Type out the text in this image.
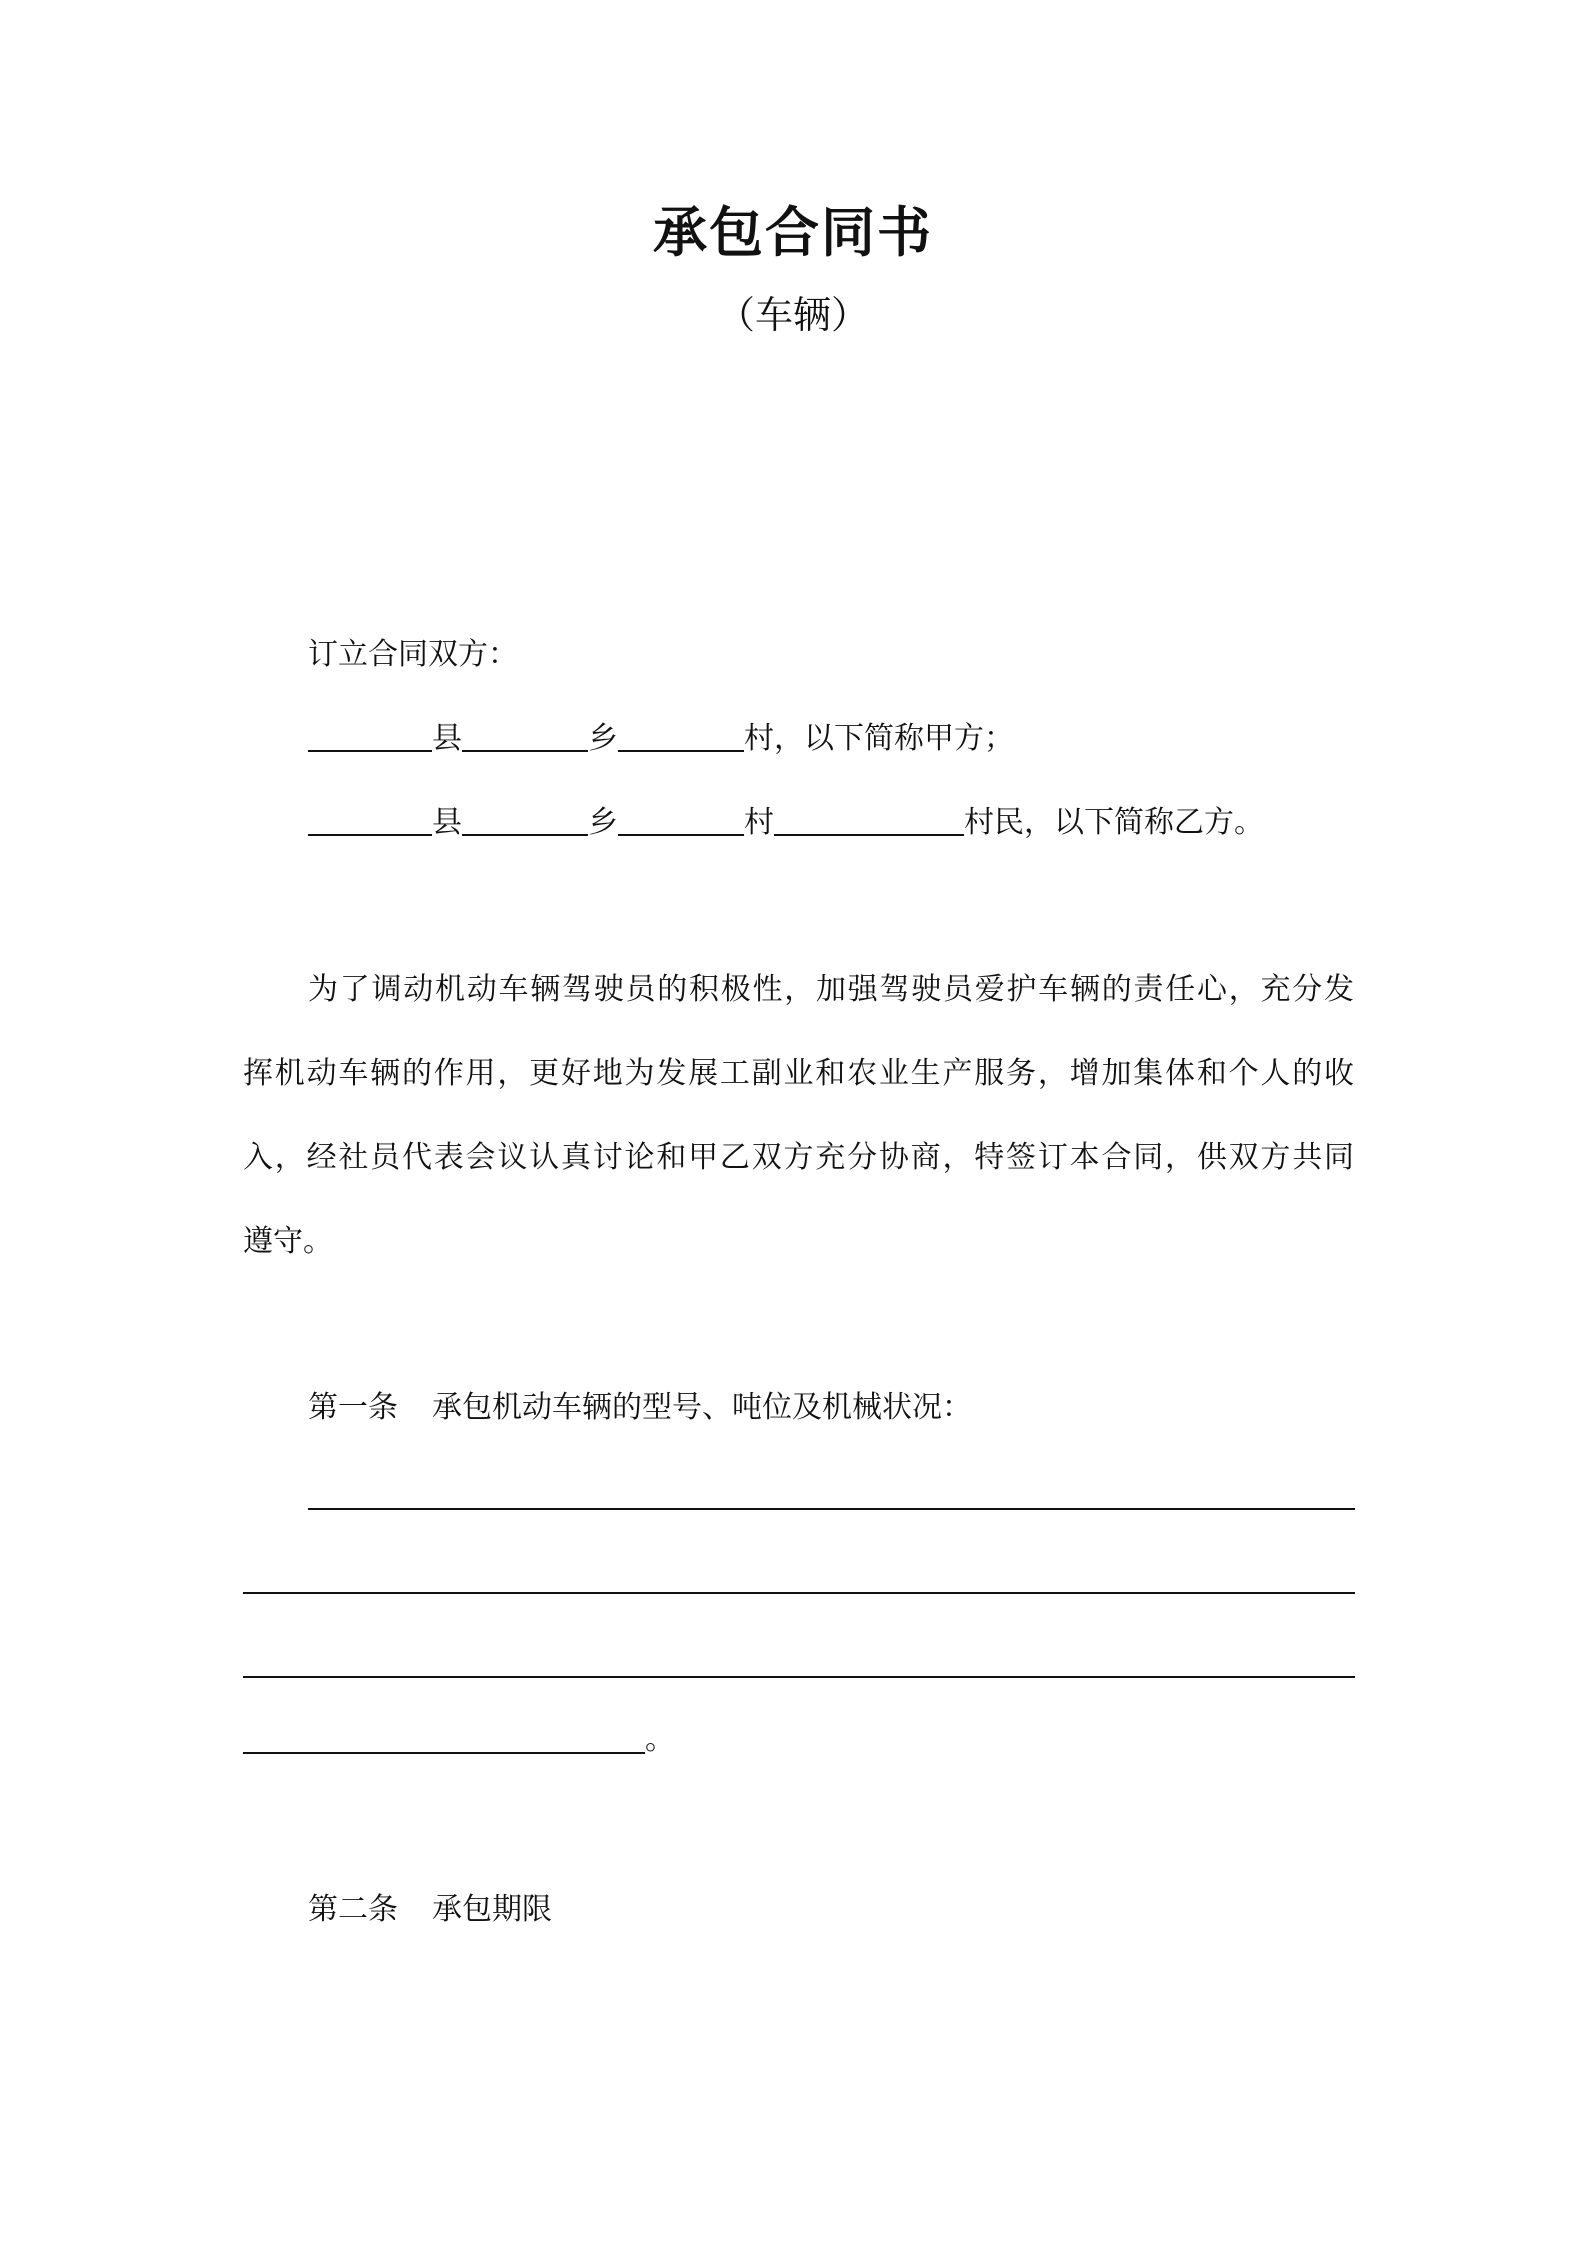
承包合同书
（车辆）
订立合同双方：
县	乡	村，以下简称甲方；
县	乡	村	村民，以下简称乙方。
为了调动机动车辆驾驶员的积极性，加强驾驶员爱护车辆的责任心，充分发
挥机动车辆的作用，更好地为发展工副业和农业生产服务，增加集体和个人的收
入，经社员代表会议认真讨论和甲乙双方充分协商，特签订本合同，供双方共同
遵守。
第一条 承包机动车辆的型号、吨位及机械状况：
。
第二条 承包期限
